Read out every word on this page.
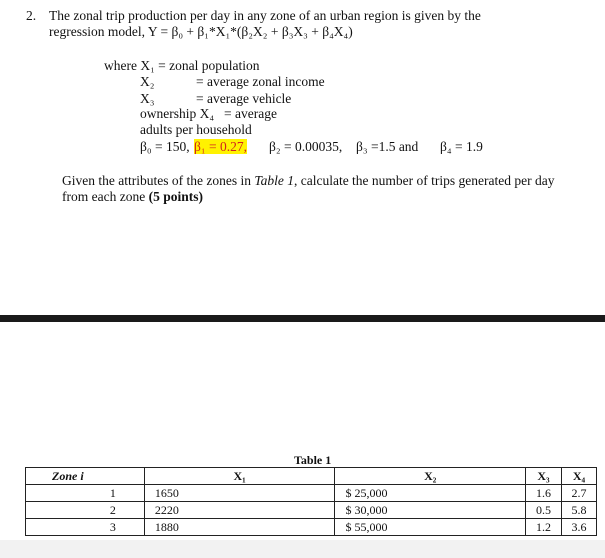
2. The zonal trip production per day in any zone of an urban region is given by the
regression model, Y = β₀ + β₁*X₁*(β₂X₂ + β₃X₃ + β₄X₄)
where X₁ = zonal population
X₂	= average zonal income
X₃	= average vehicle
ownership X₄ = average
adults per household
β₀ = 150, β₁ = 0.27, β₂ = 0.00035, β₃ =1.5 and β₄ = 1.9
Given the attributes of the zones in Table 1, calculate the number of trips generated per day
from each zone (5 points)
Table 1
Zone i	X₁	X₂	X₃	X₄
1	1650	$ 25,000	1.6	2.7
2	2220	$ 30,000	0.5	5.8
3	1880	$ 55,000	1.2	3.6
